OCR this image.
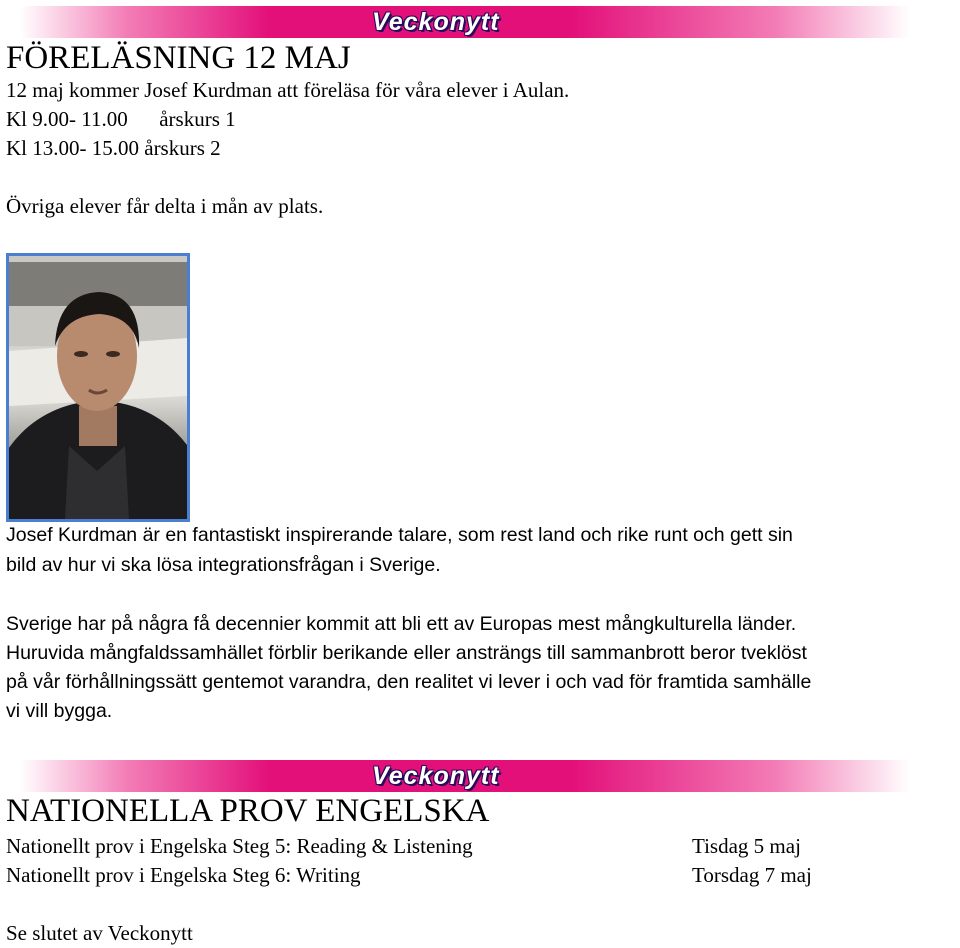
Veckonytt
FÖRELÄSNING 12 MAJ
12 maj kommer Josef Kurdman att föreläsa för våra elever i Aulan.
Kl 9.00- 11.00      årskurs 1
Kl 13.00- 15.00 årskurs 2
Övriga elever får delta i mån av plats.
Josef Kurdman är en fantastiskt inspirerande talare, som rest land och rike runt och gett sin
bild av hur vi ska lösa integrationsfrågan i Sverige.
Sverige har på några få decennier kommit att bli ett av Europas mest mångkulturella länder.
Huruvida mångfaldssamhället förblir berikande eller ansträngs till sammanbrott beror tveklöst
på vår förhållningssätt gentemot varandra, den realitet vi lever i och vad för framtida samhälle
vi vill bygga.
Veckonytt
NATIONELLA PROV ENGELSKA
Nationellt prov i Engelska Steg 5: Reading & Listening	Tisdag 5 maj
Nationellt prov i Engelska Steg 6: Writing	Torsdag 7 maj
Se slutet av Veckonytt
